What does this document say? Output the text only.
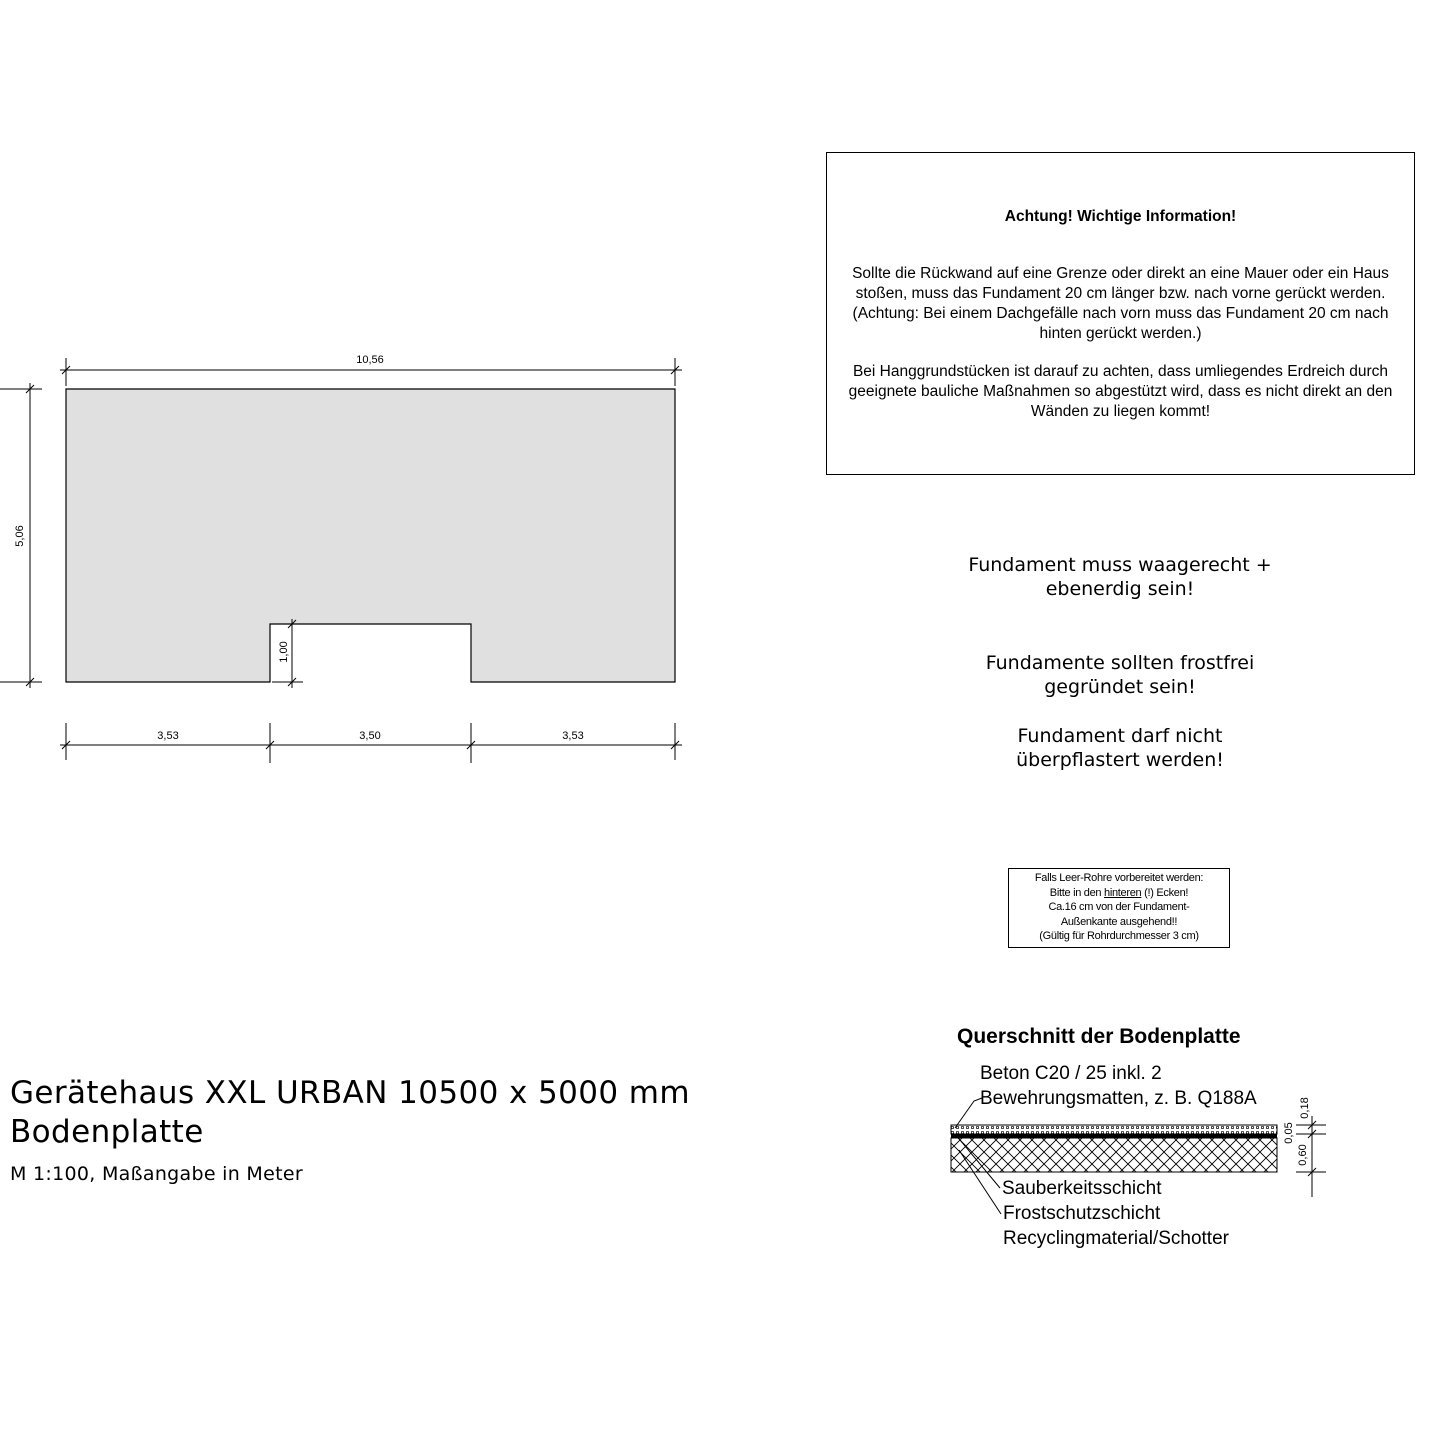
10,56
5,06
1,00
3,53	3,50	3,53
0,18
0,05
0,60
Achtung! Wichtige Information!
Sollte die Rückwand auf eine Grenze oder direkt an eine Mauer oder ein Haus stoßen, muss das Fundament 20 cm länger bzw. nach vorne gerückt werden.(Achtung: Bei einem Dachgefälle nach vorn muss das Fundament 20 cm nach hinten gerückt werden.)
Bei Hanggrundstücken ist darauf zu achten, dass umliegendes Erdreich durch geeignete bauliche Maßnahmen so abgestützt wird, dass es nicht direkt an den Wänden zu liegen kommt!
Fundament muss waagerecht + ebenerdig sein!
Fundamente sollten frostfrei gegründet sein!
Fundament darf nicht überpflastert werden!
Falls Leer-Rohre vorbereitet werden:
Bitte in den hinteren (!) Ecken!
Ca.16 cm von der Fundament-
Außenkante ausgehend!!
(Gültig für Rohrdurchmesser 3 cm)
Gerätehaus XXL URBAN 10500 x 5000 mm
Bodenplatte
M 1:100, Maßangabe in Meter
Querschnitt der Bodenplatte
Beton C20 / 25 inkl. 2
Bewehrungsmatten, z. B. Q188A
Sauberkeitsschicht
Frostschutzschicht
Recyclingmaterial/Schotter
